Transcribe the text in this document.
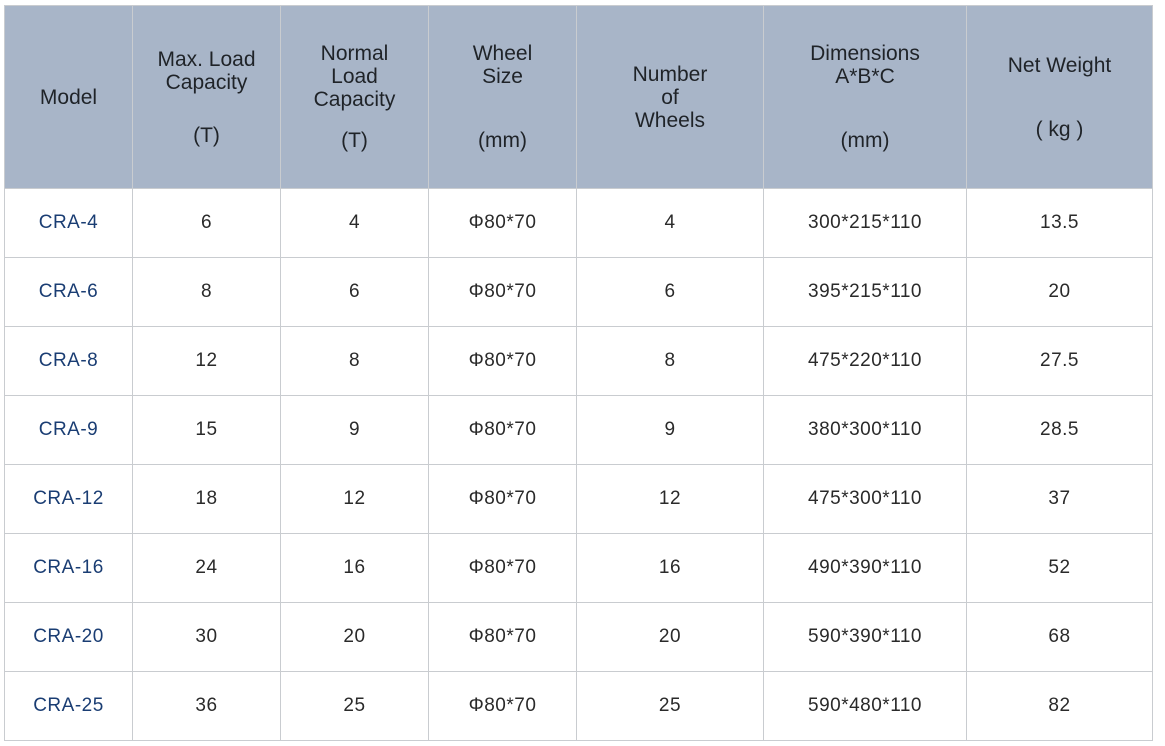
Model	Max. Load
Capacity
(T)	Normal
Load
Capacity
(T)	Wheel
Size
(mm)	Number
of
Wheels	Dimensions
A*B*C
(mm)	Net Weight
( kg )

CRA-4	6	4	Φ80*70	4	300*215*110	13.5
CRA-6	8	6	Φ80*70	6	395*215*110	20
CRA-8	12	8	Φ80*70	8	475*220*110	27.5
CRA-9	15	9	Φ80*70	9	380*300*110	28.5
CRA-12	18	12	Φ80*70	12	475*300*110	37
CRA-16	24	16	Φ80*70	16	490*390*110	52
CRA-20	30	20	Φ80*70	20	590*390*110	68
CRA-25	36	25	Φ80*70	25	590*480*110	82
